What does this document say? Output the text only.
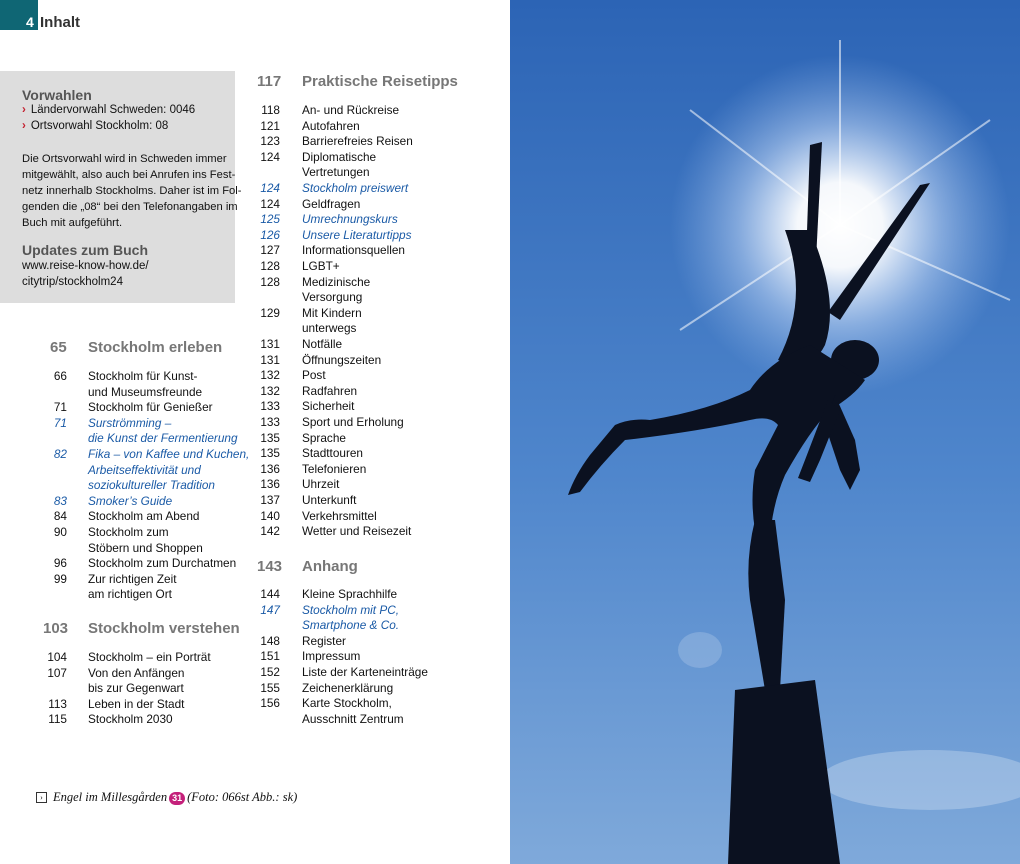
4 Inhalt
Vorwahlen
› Ländervorwahl Schweden: 0046
› Ortsvorwahl Stockholm: 08
Die Ortsvorwahl wird in Schweden immer
mitgewählt, also auch bei Anrufen ins Fest-
netz innerhalb Stockholms. Daher ist im Fol-
genden die „08“ bei den Telefonangaben im
Buch mit aufgeführt.
Updates zum Buch
www.reise-know-how.de/
citytrip/stockholm24
65 Stockholm erleben
103 Stockholm verstehen
117 Praktische Reisetipps
143 Anhang
66 Stockholm für Kunst-
und Museumsfreunde
71 Stockholm für Genießer
71 Surströmming –
die Kunst der Fermentierung
82 Fika – von Kaffee und Kuchen,
Arbeitseffektivität und
soziokultureller Tradition
83 Smoker’s Guide
84 Stockholm am Abend
90 Stockholm zum
Stöbern und Shoppen
96 Stockholm zum Durchatmen
99 Zur richtigen Zeit
am richtigen Ort
104 Stockholm – ein Porträt
107 Von den Anfängen
bis zur Gegenwart
113 Leben in der Stadt
115 Stockholm 2030
118 An- und Rückreise
121 Autofahren
123 Barrierefreies Reisen
124 Diplomatische
Vertretungen
124 Stockholm preiswert
124 Geldfragen
125 Umrechnungskurs
126 Unsere Literaturtipps
127 Informationsquellen
128 LGBT+
128 Medizinische
Versorgung
129 Mit Kindern
unterwegs
131 Notfälle
131 Öffnungszeiten
132 Post
132 Radfahren
133 Sicherheit
133 Sport und Erholung
135 Sprache
135 Stadttouren
136 Telefonieren
136 Uhrzeit
137 Unterkunft
140 Verkehrsmittel
142 Wetter und Reisezeit
144 Kleine Sprachhilfe
147 Stockholm mit PC,
Smartphone & Co.
148 Register
151 Impressum
152 Liste der Karteneinträge
155 Zeichenerklärung
156 Karte Stockholm,
Ausschnitt Zentrum
› Engel im Millesgården 31 (Foto: 066st Abb.: sk)
